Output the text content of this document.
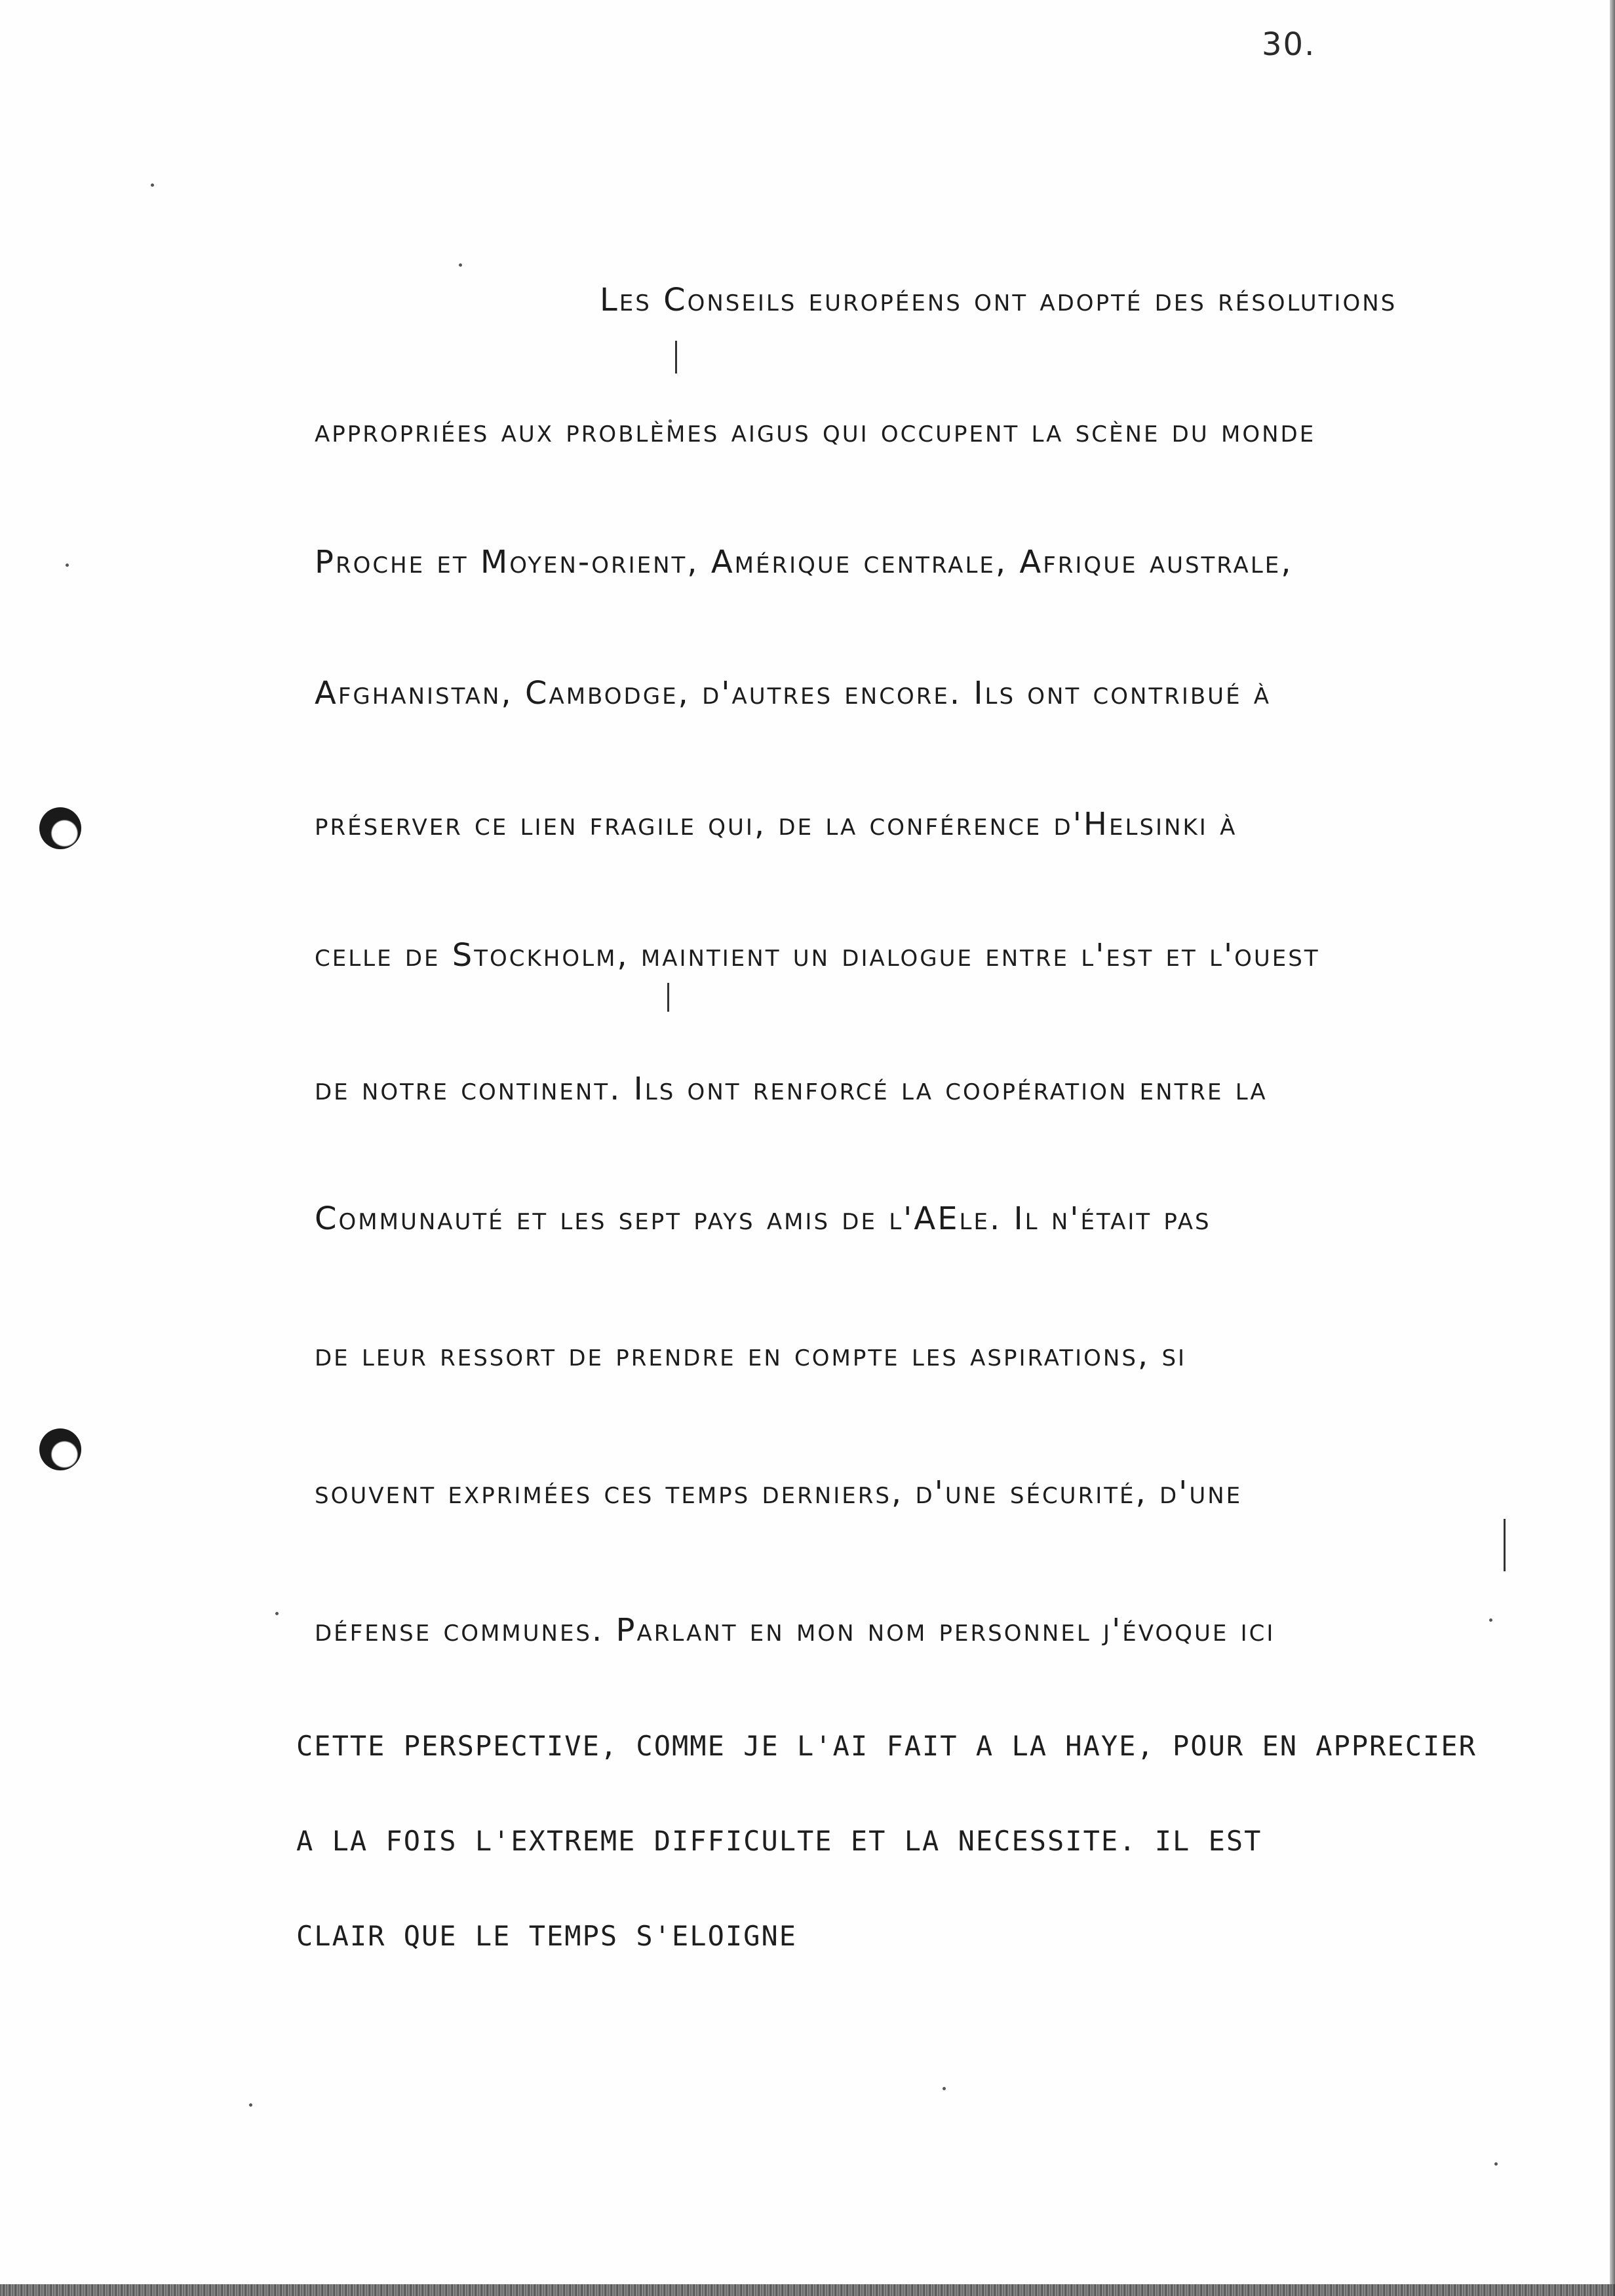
30.
Les Conseils européens ont adopté des résolutions
appropriées aux problèmes aigus qui occupent la scène du monde
Proche et Moyen-orient, Amérique centrale, Afrique australe,
Afghanistan, Cambodge, d'autres encore. Ils ont contribué à
préserver ce lien fragile qui, de la conférence d'Helsinki à
celle de Stockholm, maintient un dialogue entre l'est et l'ouest
de notre continent. Ils ont renforcé la coopération entre la
Communauté et les sept pays amis de l'AEle. Il n'était pas
de leur ressort de prendre en compte les aspirations, si
souvent exprimées ces temps derniers, d'une sécurité, d'une
défense communes. Parlant en mon nom personnel j'évoque ici
CETTE PERSPECTIVE, COMME JE L'AI FAIT A LA HAYE, POUR EN APPRECIER
A LA FOIS L'EXTREME DIFFICULTE ET LA NECESSITE. IL EST
CLAIR QUE LE TEMPS S'ELOIGNE
